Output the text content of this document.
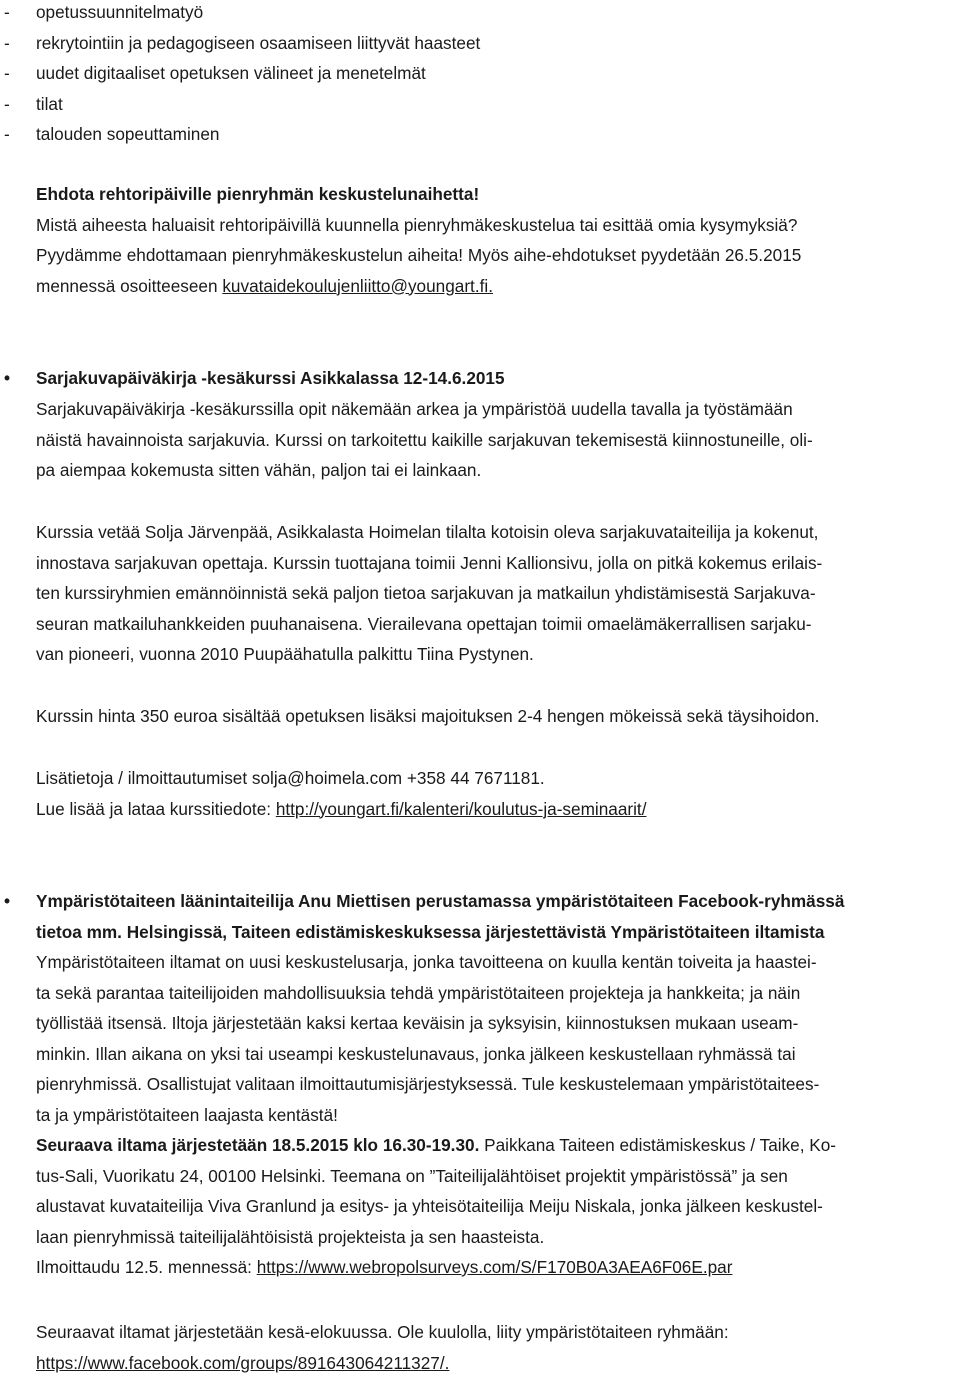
- opetussuunnitelmatyö
- rekrytointiin ja pedagogiseen osaamiseen liittyvät haasteet
- uudet digitaaliset opetuksen välineet ja menetelmät
- tilat
- talouden sopeuttaminen

Ehdota rehtoripäiville pienryhmän keskustelunaihetta!

Mistä aiheesta haluaisit rehtoripäivillä kuunnella pienryhmäkeskustelua tai esittää omia kysymyksiä?

Pyydämme ehdottamaan pienryhmäkeskustelun aiheita! Myös aihe-ehdotukset pyydetään 26.5.2015

mennessä osoitteeseen kuvataidekoulujenliitto@youngart.fi.

• Sarjakuvapäiväkirja -kesäkurssi Asikkalassa 12-14.6.2015

Sarjakuvapäiväkirja -kesäkurssilla opit näkemään arkea ja ympäristöä uudella tavalla ja työstämään

näistä havainnoista sarjakuvia. Kurssi on tarkoitettu kaikille sarjakuvan tekemisestä kiinnostuneille, oli-

pa aiempaa kokemusta sitten vähän, paljon tai ei lainkaan.

Kurssia vetää Solja Järvenpää, Asikkalasta Hoimelan tilalta kotoisin oleva sarjakuvataiteilija ja kokenut,

innostava sarjakuvan opettaja. Kurssin tuottajana toimii Jenni Kallionsivu, jolla on pitkä kokemus erilais-

ten kurssiryhmien emännöinnistä sekä paljon tietoa sarjakuvan ja matkailun yhdistämisestä Sarjakuva-

seuran matkailuhankkeiden puuhanaisena. Vierailevana opettajan toimii omaelämäkerrallisen sarjaku-

van pioneeri, vuonna 2010 Puupäähatulla palkittu Tiina Pystynen.

Kurssin hinta 350 euroa sisältää opetuksen lisäksi majoituksen 2-4 hengen mökeissä sekä täysihoidon.

Lisätietoja / ilmoittautumiset solja@hoimela.com +358 44 7671181.

Lue lisää ja lataa kurssitiedote: http://youngart.fi/kalenteri/koulutus-ja-seminaarit/

• Ympäristötaiteen läänintaiteilija Anu Miettisen perustamassa ympäristötaiteen Facebook-ryhmässä

tietoa mm. Helsingissä, Taiteen edistämiskeskuksessa järjestettävistä Ympäristötaiteen iltamista

Ympäristötaiteen iltamat on uusi keskustelusarja, jonka tavoitteena on kuulla kentän toiveita ja haastei-

ta sekä parantaa taiteilijoiden mahdollisuuksia tehdä ympäristötaiteen projekteja ja hankkeita; ja näin

työllistää itsensä. Iltoja järjestetään kaksi kertaa keväisin ja syksyisin, kiinnostuksen mukaan useam-

minkin. Illan aikana on yksi tai useampi keskustelunavaus, jonka jälkeen keskustellaan ryhmässä tai

pienryhmissä. Osallistujat valitaan ilmoittautumisjärjestyksessä. Tule keskustelemaan ympäristötaitees-

ta ja ympäristötaiteen laajasta kentästä!

Seuraava iltama järjestetään 18.5.2015 klo 16.30-19.30. Paikkana Taiteen edistämiskeskus / Taike, Ko-

tus-Sali, Vuorikatu 24, 00100 Helsinki. Teemana on ”Taiteilijalähtöiset projektit ympäristössä” ja sen

alustavat kuvataiteilija Viva Granlund ja esitys- ja yhteisötaiteilija Meiju Niskala, jonka jälkeen keskustel-

laan pienryhmissä taiteilijalähtöisistä projekteista ja sen haasteista.

Ilmoittaudu 12.5. mennessä: https://www.webropolsurveys.com/S/F170B0A3AEA6F06E.par

Seuraavat iltamat järjestetään kesä-elokuussa. Ole kuulolla, liity ympäristötaiteen ryhmään:

https://www.facebook.com/groups/891643064211327/.
